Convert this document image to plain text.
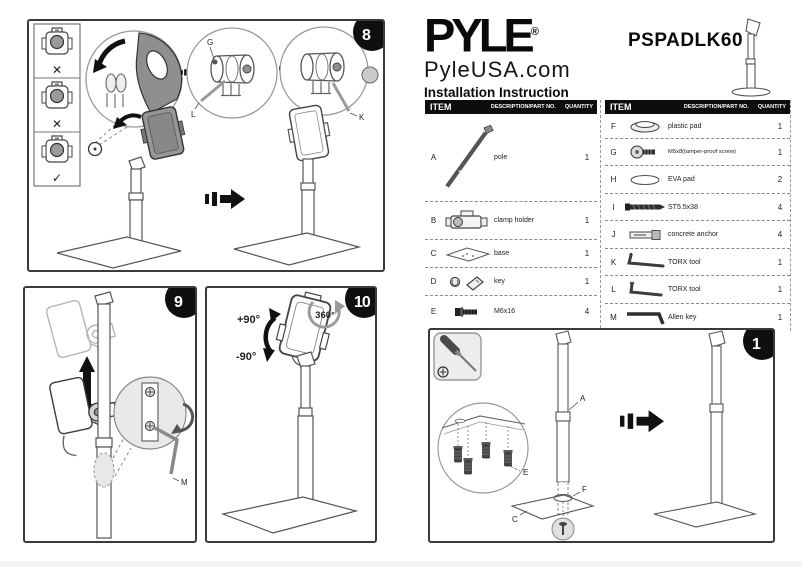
✕
✕
✓
G
L	K
8
M
9
+90°
-90°
360°
10
PYLE®
PyleUSA.com
Installation Instruction
PSPADLK60
ITEM	DESCRIPTION/PART NO. QUANTITY
A	pole	1
B	clamp holder	1
C	base	1
D	key	1
E	M6x16	4
ITEM	DESCRIPTION/PART NO. QUANTITY
F	plastic pad	1
G	M5x8(tamper-proof screw)	1
H	EVA pad	2
I	ST5.5x38	4
J	concrete anchor	4
K	TORX tool	1
L	TORX tool	1
M	Allen key	1
E
A
F
C
1
